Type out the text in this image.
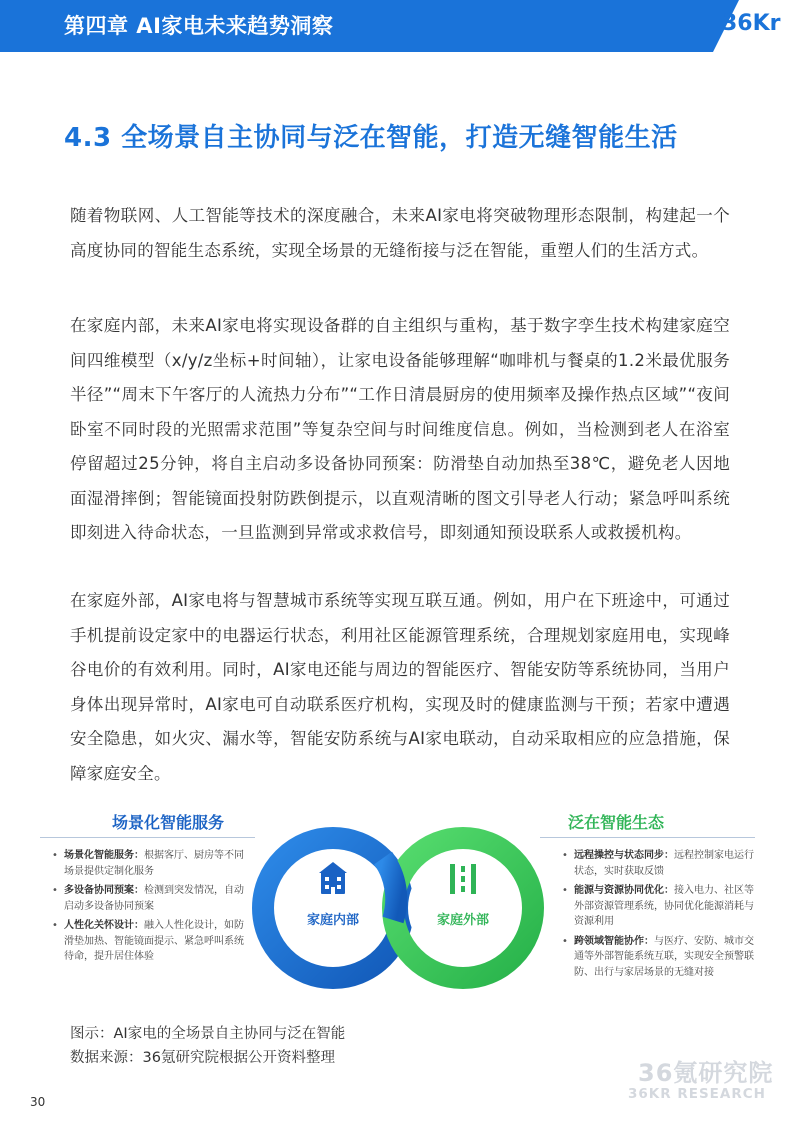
第四章 AI家电未来趋势洞察	36Kr
4.3 全场景自主协同与泛在智能，打造无缝智能生活

随着物联网、人工智能等技术的深度融合，未来AI家电将突破物理形态限制，构建起一个高度协同的智能生态系统，实现全场景的无缝衔接与泛在智能，重塑人们的生活方式。

在家庭内部，未来AI家电将实现设备群的自主组织与重构，基于数字孪生技术构建家庭空间四维模型（x/y/z坐标+时间轴），让家电设备能够理解“咖啡机与餐桌的1.2米最优服务半径”“周末下午客厅的人流热力分布”“工作日清晨厨房的使用频率及操作热点区域”“夜间卧室不同时段的光照需求范围”等复杂空间与时间维度信息。例如，当检测到老人在浴室停留超过25分钟，将自主启动多设备协同预案：防滑垫自动加热至38℃，避免老人因地面湿滑摔倒；智能镜面投射防跌倒提示，以直观清晰的图文引导老人行动；紧急呼叫系统即刻进入待命状态，一旦监测到异常或求救信号，即刻通知预设联系人或救援机构。

在家庭外部，AI家电将与智慧城市系统等实现互联互通。例如，用户在下班途中，可通过手机提前设定家中的电器运行状态，利用社区能源管理系统，合理规划家庭用电，实现峰谷电价的有效利用。同时，AI家电还能与周边的智能医疗、智能安防等系统协同，当用户身体出现异常时，AI家电可自动联系医疗机构，实现及时的健康监测与干预；若家中遭遇安全隐患，如火灾、漏水等，智能安防系统与AI家电联动，自动采取相应的应急措施，保障家庭安全。

场景化智能服务	泛在智能生态
• 场景化智能服务：根据客厅、厨房等不同场景提供定制化服务
• 多设备协同预案：检测到突发情况，自动启动多设备协同预案
• 人性化关怀设计：融入人性化设计，如防滑垫加热、智能镜面提示、紧急呼叫系统待命，提升居住体验
• 远程操控与状态同步：远程控制家电运行状态，实时获取反馈
• 能源与资源协同优化：接入电力、社区等外部资源管理系统，协同优化能源消耗与资源利用
• 跨领域智能协作：与医疗、安防、城市交通等外部智能系统互联，实现安全预警联防、出行与家居场景的无缝对接
家庭内部	家庭外部
图示：AI家电的全场景自主协同与泛在智能
数据来源：36氪研究院根据公开资料整理
36氪研究院
36KR RESEARCH
30
